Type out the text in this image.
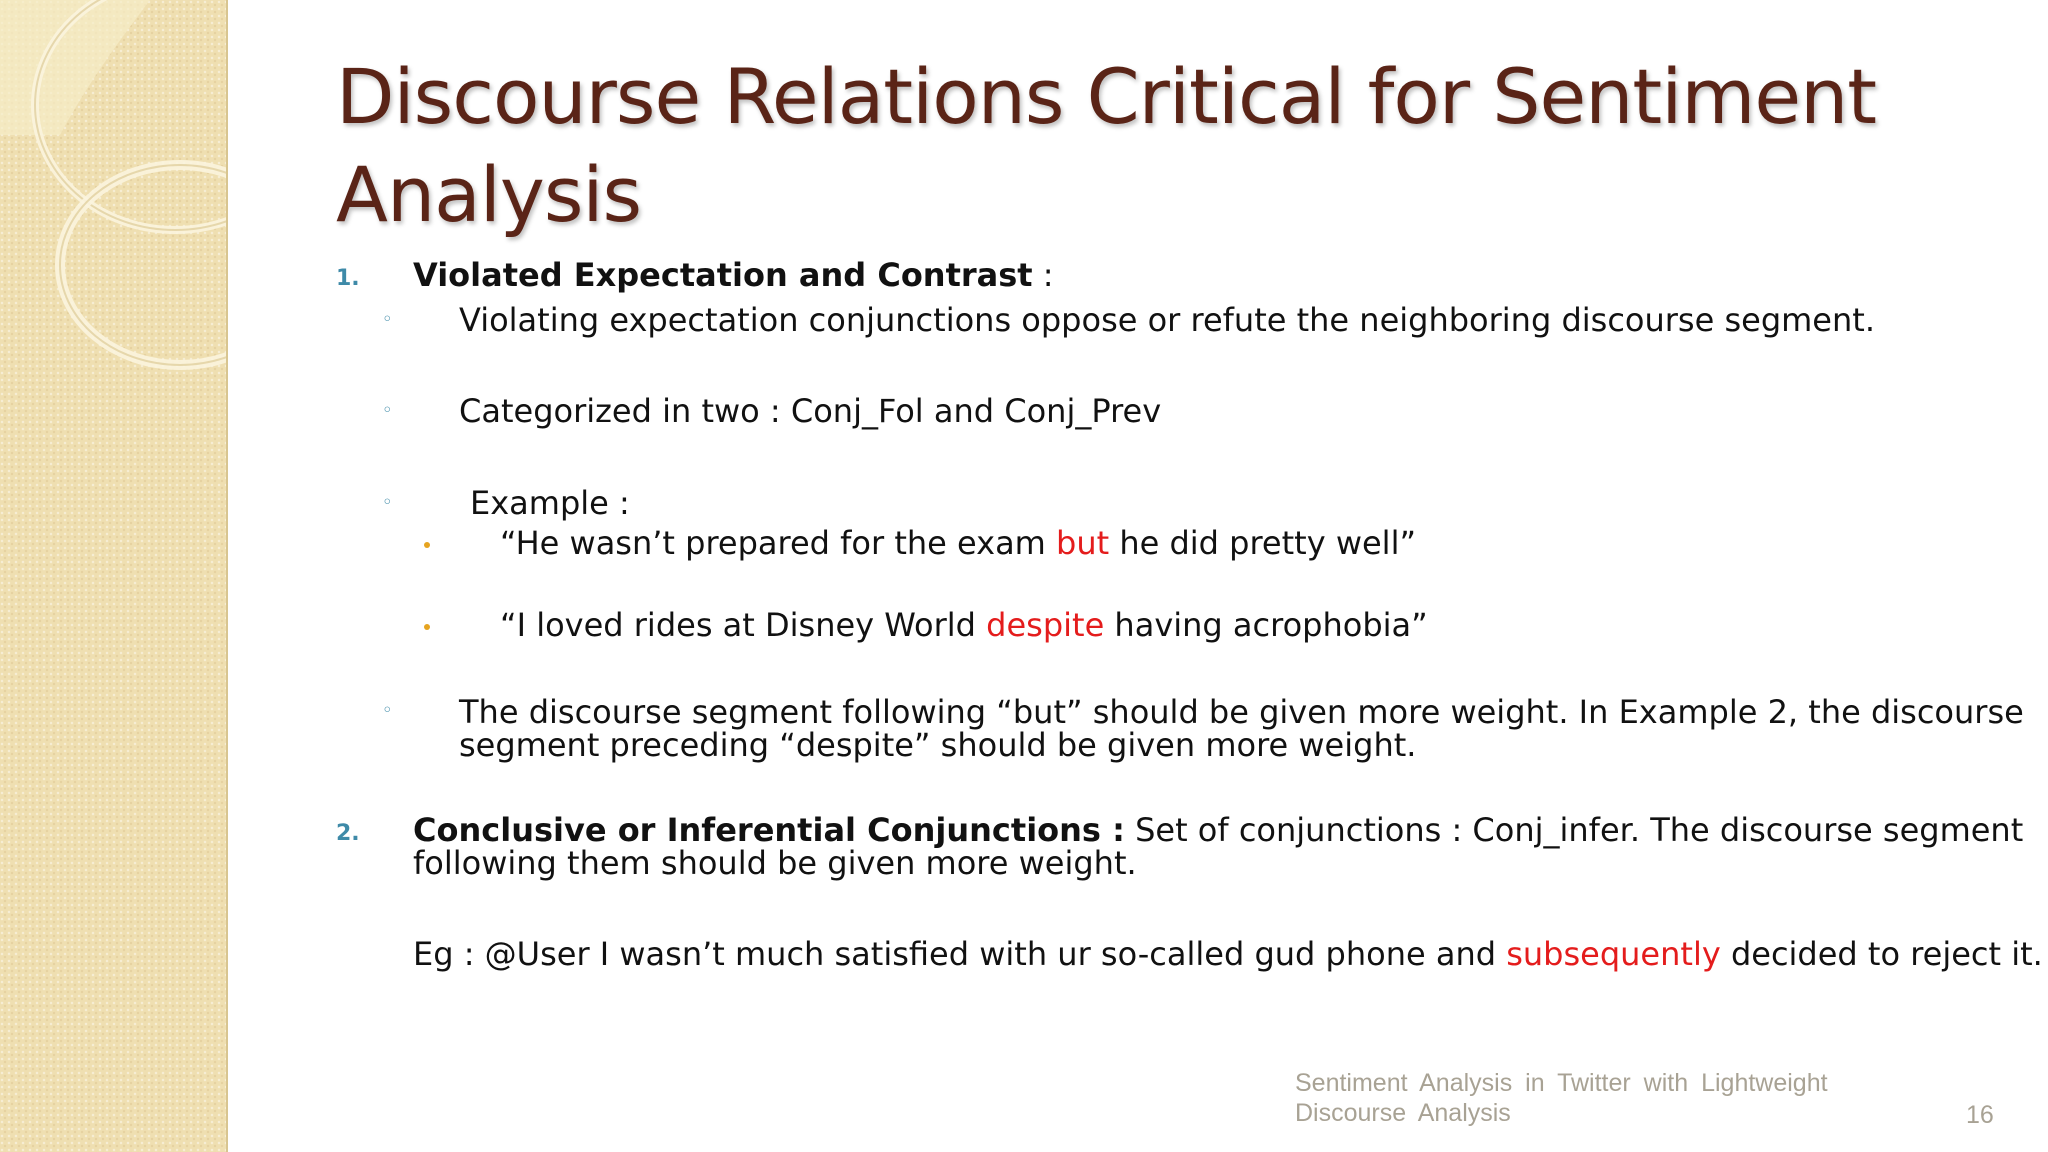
Discourse Relations Critical for Sentiment Analysis
1. Violated Expectation and Contrast :
◦ Violating expectation conjunctions oppose or refute the neighboring discourse segment.
◦ Categorized in two : Conj_Fol and Conj_Prev
◦ Example :
“He wasn’t prepared for the exam but he did pretty well”
“I loved rides at Disney World despite having acrophobia”
◦ The discourse segment following “but” should be given more weight. In Example 2, the discourse
segment preceding “despite” should be given more weight.
2. Conclusive or Inferential Conjunctions : Set of conjunctions : Conj_infer. The discourse segment
following them should be given more weight.
Eg : @User I wasn’t much satisfied with ur so-called gud phone and subsequently decided to reject it.
Sentiment Analysis in Twitter with Lightweight
Discourse Analysis	16
